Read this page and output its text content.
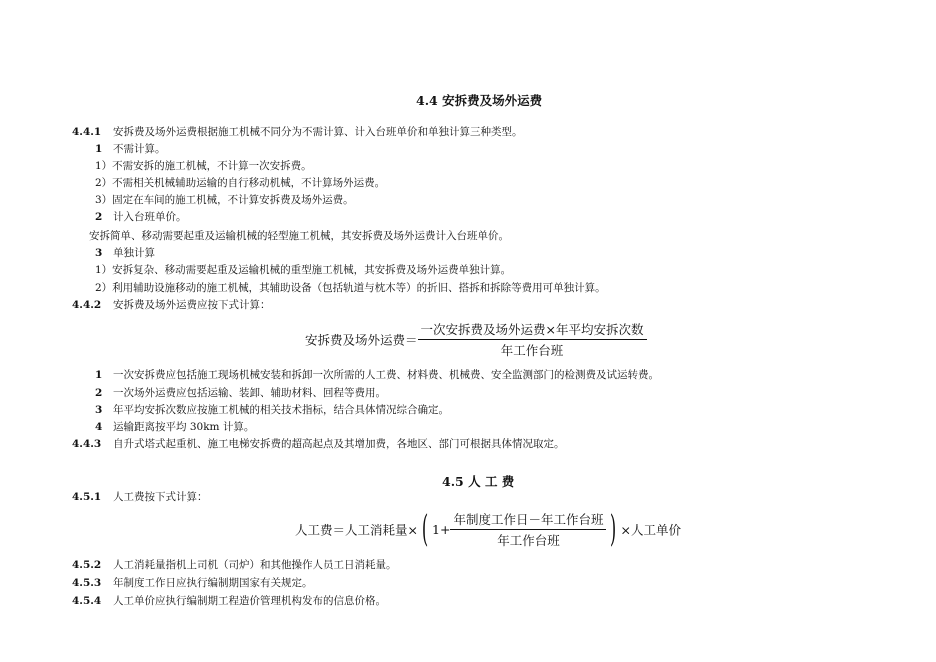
4.4 安拆费及场外运费
4.4.1 安拆费及场外运费根据施工机械不同分为不需计算、计入台班单价和单独计算三种类型。
1 不需计算。
1）不需安拆的施工机械，不计算一次安拆费。
2）不需相关机械辅助运输的自行移动机械，不计算场外运费。
3）固定在车间的施工机械，不计算安拆费及场外运费。
2 计入台班单价。
安拆简单、移动需要起重及运输机械的轻型施工机械，其安拆费及场外运费计入台班单价。
3 单独计算
1）安拆复杂、移动需要起重及运输机械的重型施工机械，其安拆费及场外运费单独计算。
2）利用辅助设施移动的施工机械，其辅助设备（包括轨道与枕木等）的折旧、搭拆和拆除等费用可单独计算。
4.4.2 安拆费及场外运费应按下式计算：
安拆费及场外运费＝ $\frac{\text{一次安拆费及场外运费×年平均安拆次数}}{\text{年工作台班}}$
1 一次安拆费应包括施工现场机械安装和拆卸一次所需的人工费、材料费、机械费、安全监测部门的检测费及试运转费。
2 一次场外运费应包括运输、装卸、辅助材料、回程等费用。
3 年平均安拆次数应按施工机械的相关技术指标，结合具体情况综合确定。
4 运输距离按平均 30km 计算。
4.4.3 自升式塔式起重机、施工电梯安拆费的超高起点及其增加费，各地区、部门可根据具体情况取定。
4.5 人 工 费
4.5.1 人工费按下式计算：
人工费＝人工消耗量× ( $1+ \frac{\text{年制度工作日－年工作台班}}{\text{年工作台班}}$ ) ×人工单价
4.5.2 人工消耗量指机上司机（司炉）和其他操作人员工日消耗量。
4.5.3 年制度工作日应执行编制期国家有关规定。
4.5.4 人工单价应执行编制期工程造价管理机构发布的信息价格。
